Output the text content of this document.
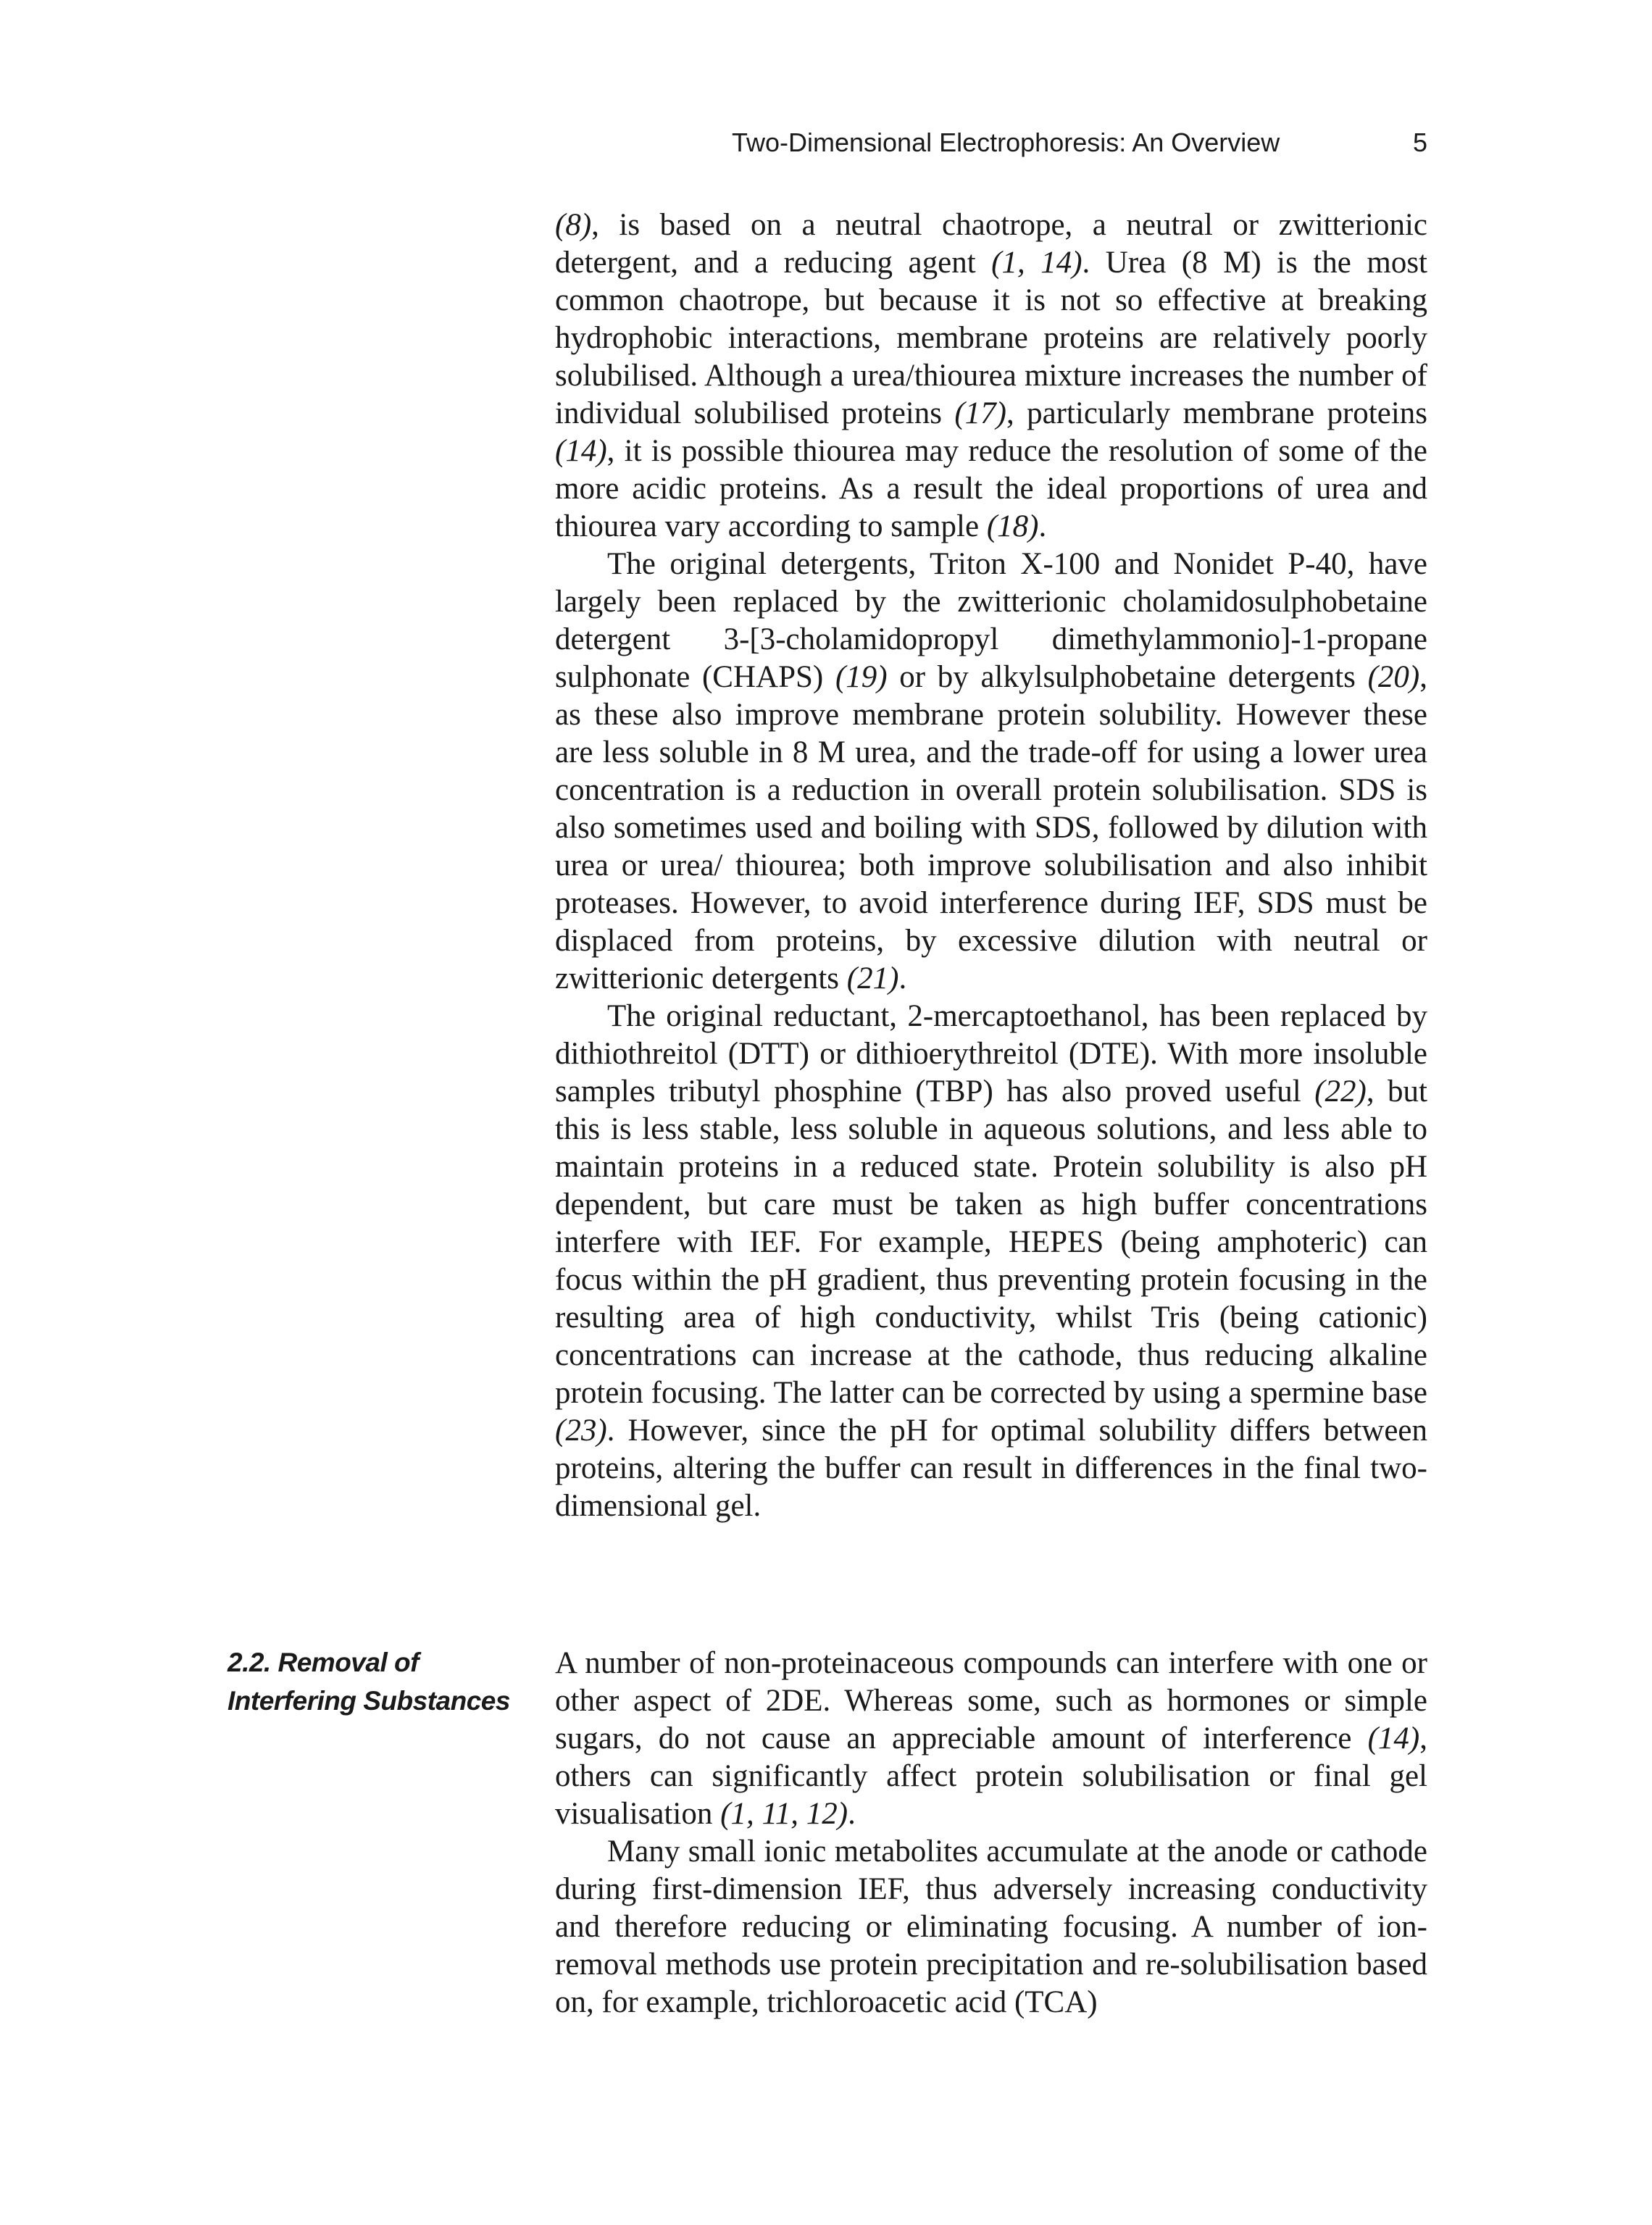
Two-Dimensional Electrophoresis: An Overview	5

(8), is based on a neutral chaotrope, a neutral or zwitterionic detergent, and a reducing agent (1, 14). Urea (8 M) is the most common chaotrope, but because it is not so effective at breaking hydrophobic interactions, membrane proteins are relatively poorly solubilised. Although a urea/thiourea mixture increases the number of individual solubilised proteins (17), particularly membrane proteins (14), it is possible thiourea may reduce the resolution of some of the more acidic proteins. As a result the ideal proportions of urea and thiourea vary according to sample (18).

The original detergents, Triton X-100 and Nonidet P-40, have largely been replaced by the zwitterionic cholamidosulphobetaine detergent 3-[3-cholamidopropyl dimethylammonio]-1-propane sulphonate (CHAPS) (19) or by alkylsulphobetaine detergents (20), as these also improve membrane protein solubility. However these are less soluble in 8 M urea, and the trade-off for using a lower urea concentration is a reduction in overall protein solubilisation. SDS is also sometimes used and boiling with SDS, followed by dilution with urea or urea/ thiourea; both improve solubilisation and also inhibit proteases. However, to avoid interference during IEF, SDS must be displaced from proteins, by excessive dilution with neutral or zwitterionic detergents (21).

The original reductant, 2-mercaptoethanol, has been replaced by dithiothreitol (DTT) or dithioerythreitol (DTE). With more insoluble samples tributyl phosphine (TBP) has also proved useful (22), but this is less stable, less soluble in aqueous solutions, and less able to maintain proteins in a reduced state. Protein solubility is also pH dependent, but care must be taken as high buffer concentrations interfere with IEF. For example, HEPES (being amphoteric) can focus within the pH gradient, thus preventing protein focusing in the resulting area of high conductivity, whilst Tris (being cationic) concentrations can increase at the cathode, thus reducing alkaline protein focusing. The latter can be corrected by using a spermine base (23). However, since the pH for optimal solubility differs between proteins, altering the buffer can result in differences in the final two-dimensional gel.

2.2. Removal of
Interfering Substances

A number of non-proteinaceous compounds can interfere with one or other aspect of 2DE. Whereas some, such as hormones or simple sugars, do not cause an appreciable amount of interference (14), others can significantly affect protein solubilisation or final gel visualisation (1, 11, 12).

Many small ionic metabolites accumulate at the anode or cathode during first-dimension IEF, thus adversely increasing conductivity and therefore reducing or eliminating focusing. A number of ion-removal methods use protein precipitation and re-solubilisation based on, for example, trichloroacetic acid (TCA)
